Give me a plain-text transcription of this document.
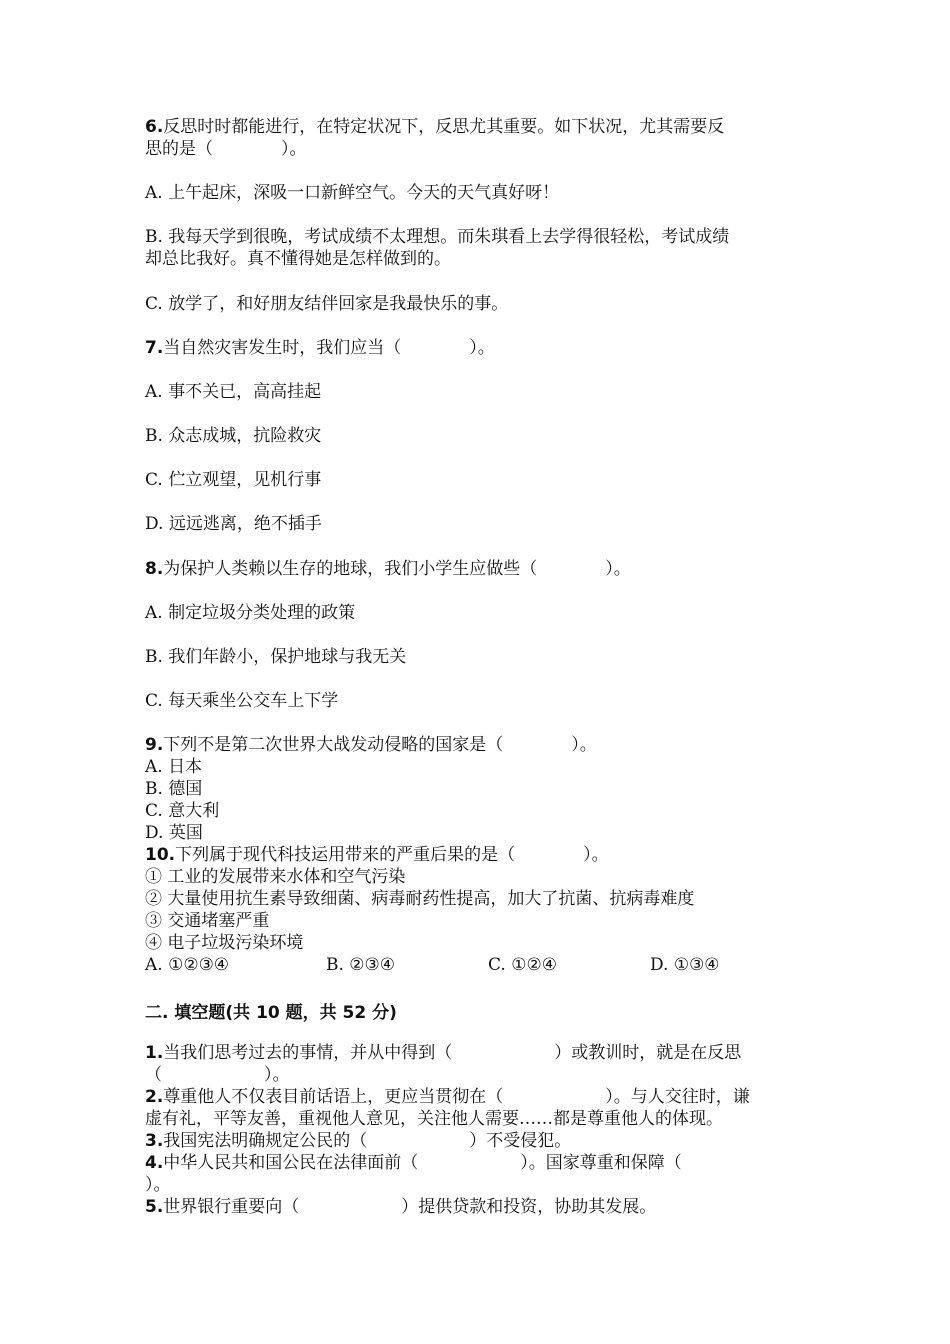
6.反思时时都能进行，在特定状况下，反思尤其重要。如下状况，尤其需要反
思的是（　　　　）。
A. 上午起床，深吸一口新鲜空气。今天的天气真好呀！
B. 我每天学到很晚，考试成绩不太理想。而朱琪看上去学得很轻松，考试成绩
却总比我好。真不懂得她是怎样做到的。
C. 放学了，和好朋友结伴回家是我最快乐的事。
7.当自然灾害发生时，我们应当（　　　　）。
A. 事不关已，高高挂起
B. 众志成城，抗险救灾
C. 伫立观望，见机行事
D. 远远逃离，绝不插手
8.为保护人类赖以生存的地球，我们小学生应做些（　　　　）。
A. 制定垃圾分类处理的政策
B. 我们年龄小，保护地球与我无关
C. 每天乘坐公交车上下学
9.下列不是第二次世界大战发动侵略的国家是（　　　　）。
A. 日本
B. 德国
C. 意大利
D. 英国
10.下列属于现代科技运用带来的严重后果的是（　　　　）。
① 工业的发展带来水体和空气污染
② 大量使用抗生素导致细菌、病毒耐药性提高，加大了抗菌、抗病毒难度
③ 交通堵塞严重
④ 电子垃圾污染环境
A. ①②③④	B. ②③④	C. ①②④	D. ①③④
二. 填空题(共 10 题，共 52 分)
1.当我们思考过去的事情，并从中得到（　　　　　　）或教训时，就是在反思
（　　　　　　）。
2.尊重他人不仅表目前话语上，更应当贯彻在（　　　　　　）。与人交往时，谦
虚有礼，平等友善，重视他人意见，关注他人需要……都是尊重他人的体现。
3.我国宪法明确规定公民的（　　　　　　）不受侵犯。
4.中华人民共和国公民在法律面前（　　　　　　）。国家尊重和保障（
）。
5.世界银行重要向（　　　　　　）提供贷款和投资，协助其发展。
